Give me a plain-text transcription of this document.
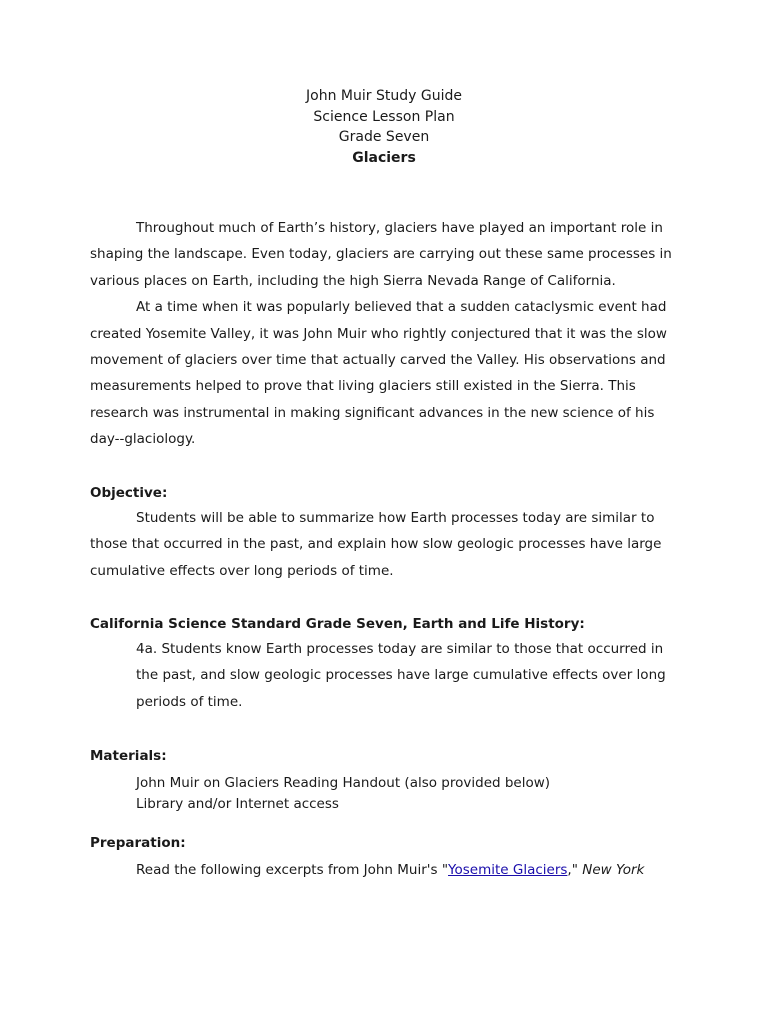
John Muir Study Guide
Science Lesson Plan
Grade Seven
Glaciers

Throughout much of Earth’s history, glaciers have played an important role in shaping the landscape. Even today, glaciers are carrying out these same processes in various places on Earth, including the high Sierra Nevada Range of California.

At a time when it was popularly believed that a sudden cataclysmic event had created Yosemite Valley, it was John Muir who rightly conjectured that it was the slow movement of glaciers over time that actually carved the Valley. His observations and measurements helped to prove that living glaciers still existed in the Sierra. This research was instrumental in making significant advances in the new science of his day--glaciology.

Objective:

Students will be able to summarize how Earth processes today are similar to those that occurred in the past, and explain how slow geologic processes have large cumulative effects over long periods of time.

California Science Standard Grade Seven, Earth and Life History:
4a. Students know Earth processes today are similar to those that occurred in
the past, and slow geologic processes have large cumulative effects over long
periods of time.
Materials:
John Muir on Glaciers Reading Handout (also provided below)
Library and/or Internet access
Preparation:
Read the following excerpts from John Muir's "Yosemite Glaciers," New York
